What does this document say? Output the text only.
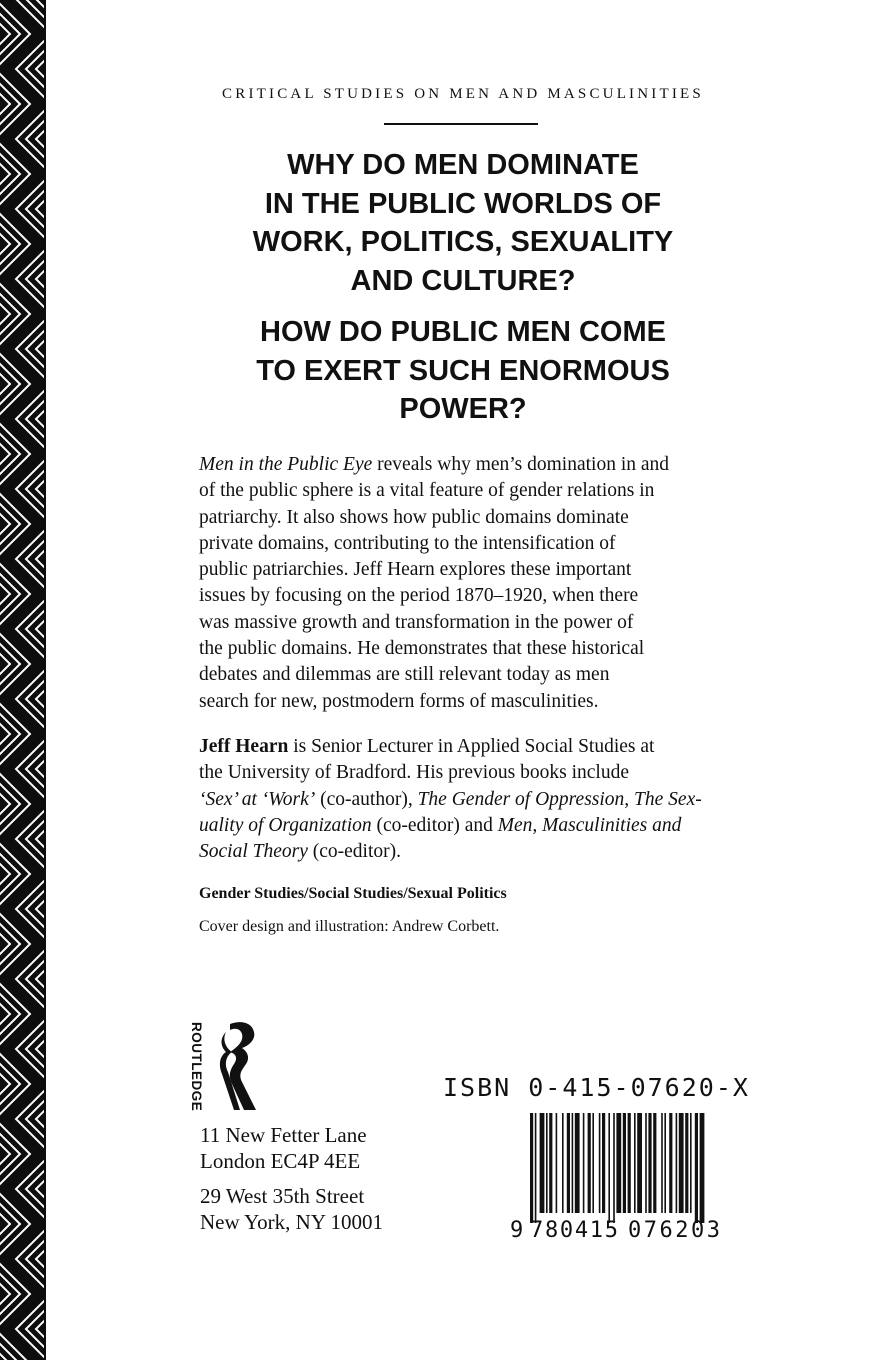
CRITICAL STUDIES ON MEN AND MASCULINITIES
WHY DO MEN DOMINATE
IN THE PUBLIC WORLDS OF
WORK, POLITICS, SEXUALITY
AND CULTURE?
HOW DO PUBLIC MEN COME
TO EXERT SUCH ENORMOUS
POWER?
Men in the Public Eye reveals why men’s domination in and
of the public sphere is a vital feature of gender relations in
patriarchy. It also shows how public domains dominate
private domains, contributing to the intensification of
public patriarchies. Jeff Hearn explores these important
issues by focusing on the period 1870–1920, when there
was massive growth and transformation in the power of
the public domains. He demonstrates that these historical
debates and dilemmas are still relevant today as men
search for new, postmodern forms of masculinities.
Jeff Hearn is Senior Lecturer in Applied Social Studies at
the University of Bradford. His previous books include
‘Sex’ at ‘Work’ (co-author), The Gender of Oppression, The Sex-
uality of Organization (co-editor) and Men, Masculinities and
Social Theory (co-editor).
Gender Studies/Social Studies/Sexual Politics
Cover design and illustration: Andrew Corbett.
ROUTLEDGE
11 New Fetter Lane
London EC4P 4EE
29 West 35th Street
New York, NY 10001
ISBN 0-415-07620-X
9 780415 076203
